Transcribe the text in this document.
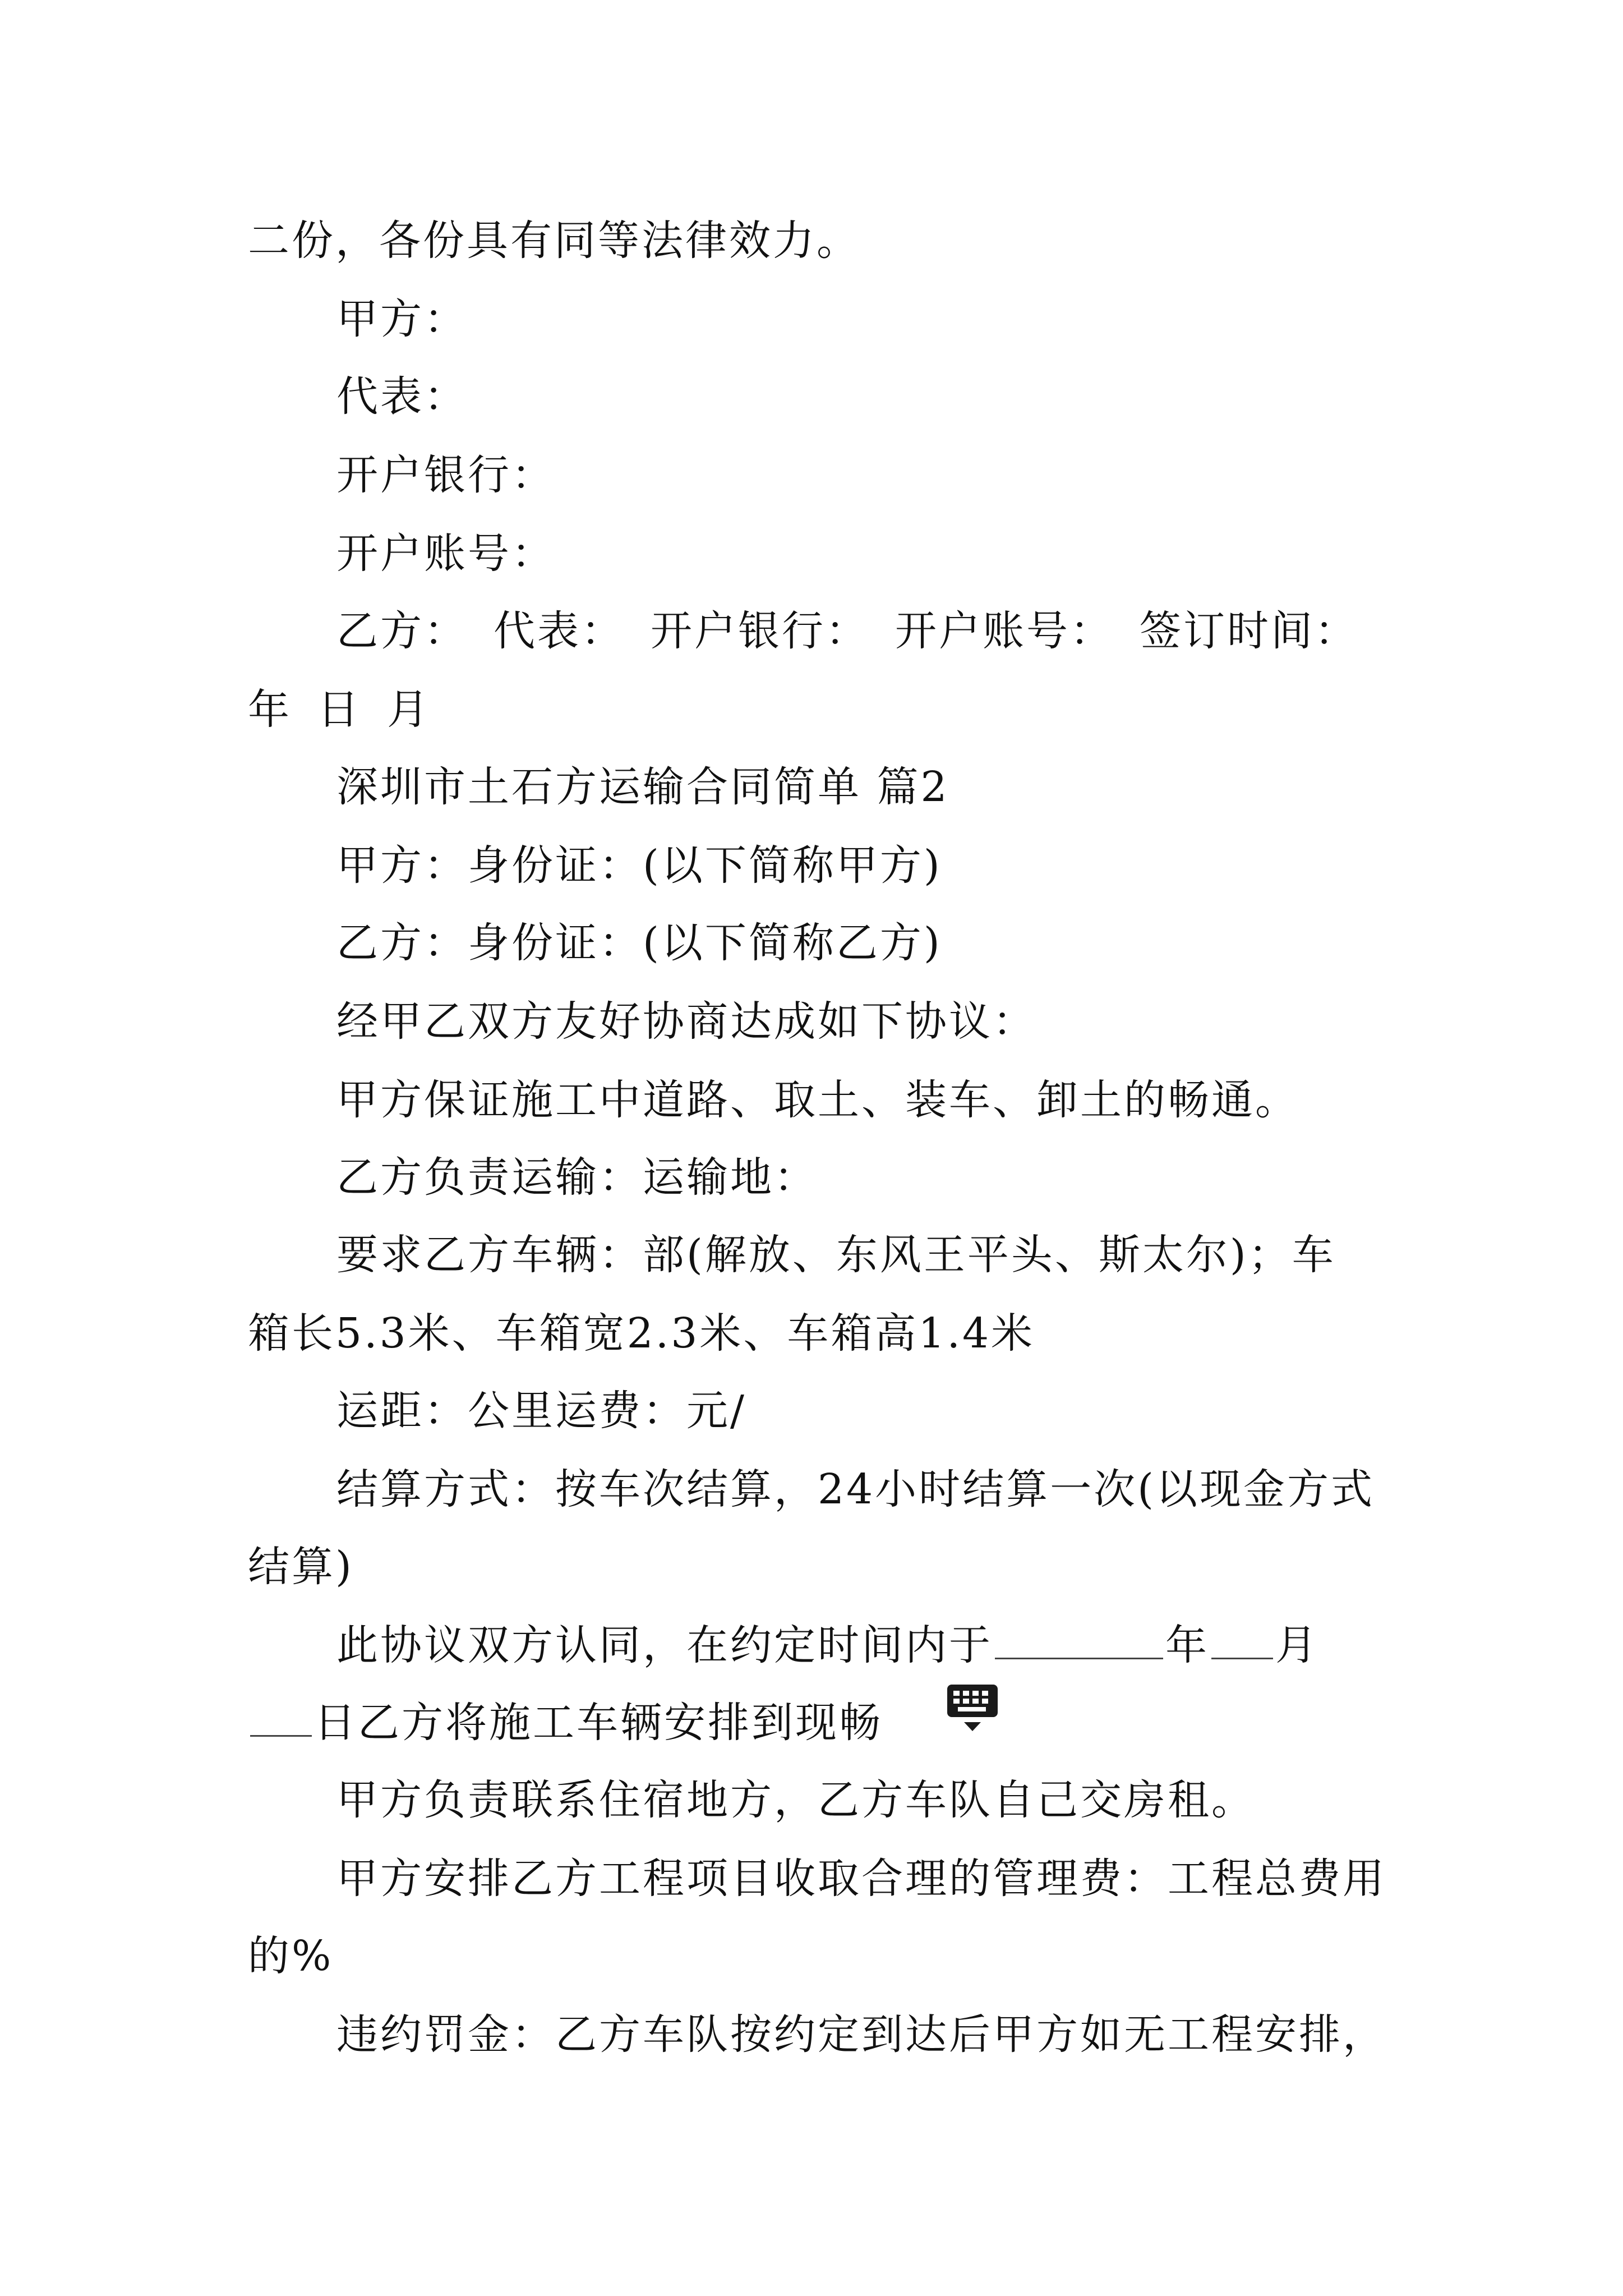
二份，各份具有同等法律效力。
甲方：
代表：
开户银行：
开户账号：
乙方： 代表： 开户银行： 开户账号： 签订时间：
年 日 月
深圳市土石方运输合同简单 篇2
甲方：身份证：(以下简称甲方)
乙方：身份证：(以下简称乙方)
经甲乙双方友好协商达成如下协议：
甲方保证施工中道路、取土、装车、卸土的畅通。
乙方负责运输：运输地：
要求乙方车辆：部(解放、东风王平头、斯太尔)；车
箱长5.3米、车箱宽2.3米、车箱高1.4米
运距：公里运费：元/
结算方式：按车次结算，24小时结算一次(以现金方式
结算)
此协议双方认同，在约定时间内于	年 月
日乙方将施工车辆安排到现畅
甲方负责联系住宿地方，乙方车队自己交房租。
甲方安排乙方工程项目收取合理的管理费：工程总费用
的%
违约罚金：乙方车队按约定到达后甲方如无工程安排，
